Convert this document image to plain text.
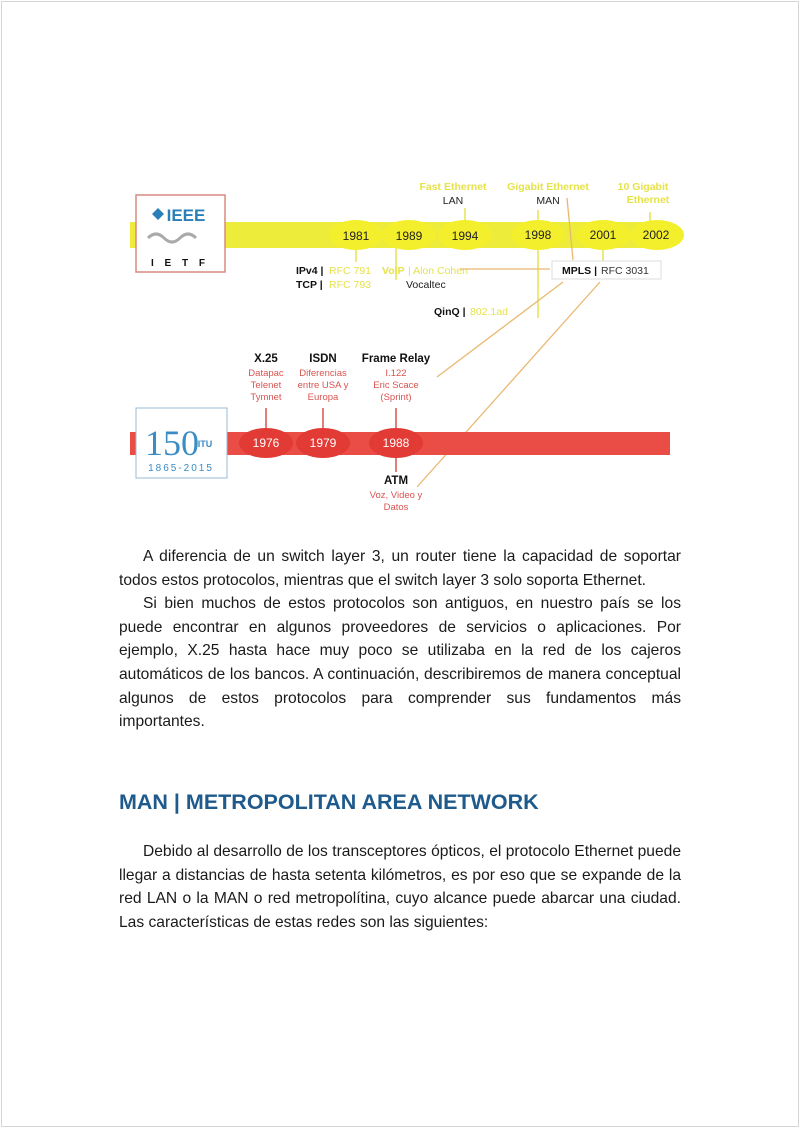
IEEE
I E T F
1981 1989 1994	1998	2001 2002
Fast Ethernet
LAN
Gigabit Ethernet
MAN
10 Gigabit
Ethernet
IPv4 | RFC 791
TCP | RFC 793
VoIP | Alon Cohen
Vocaltec
QinQ | 802.1ad
MPLS | RFC 3031
150
ITU
1865-2015
1976	1979	1988
X.25
Datapac
Telenet
Tymnet
ISDN
Diferencias
entre USA y
Europa
Frame Relay
I.122
Eric Scace
(Sprint)
ATM
Voz, Video y
Datos

A diferencia de un switch layer 3, un router tiene la capacidad de soportar todos estos protocolos, mientras que el switch layer 3 solo soporta Ethernet.

Si bien muchos de estos protocolos son antiguos, en nuestro país se los puede encontrar en algunos proveedores de servicios o aplicaciones. Por ejemplo, X.25 hasta hace muy poco se utilizaba en la red de los cajeros automáticos de los bancos. A continuación, describiremos de manera conceptual algunos de estos protocolos para comprender sus fundamentos más importantes.

MAN | METROPOLITAN AREA NETWORK

Debido al desarrollo de los transceptores ópticos, el protocolo Ethernet puede llegar a distancias de hasta setenta kilómetros, es por eso que se expande de la red LAN o la MAN o red metropolítina, cuyo alcance puede abarcar una ciudad. Las características de estas redes son las siguientes:
